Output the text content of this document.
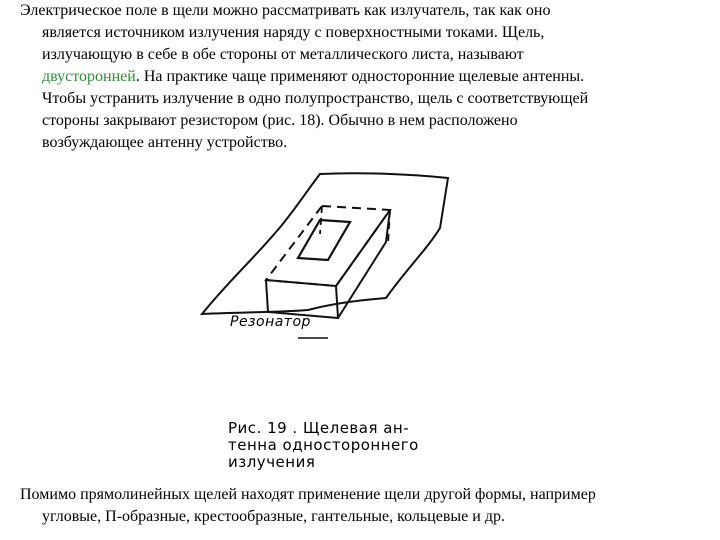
Электрическое поле в щели можно рассматривать как излучатель, так как оно
является источником излучения наряду с поверхностными токами. Щель,
излучающую в себе в обе стороны от металлического листа, называют
двусторонней. На практике чаще применяют односторонние щелевые антенны.
Чтобы устранить излучение в одно полупространство, щель с соответствующей
стороны закрывают резистором (рис. 18). Обычно в нем расположено
возбуждающее антенну устройство.
Резонатор
Рис. 19 . Щелевая ан-
тенна одностороннего
излучения
Помимо прямолинейных щелей находят применение щели другой формы, например
угловые, П-образные, крестообразные, гантельные, кольцевые и др.
